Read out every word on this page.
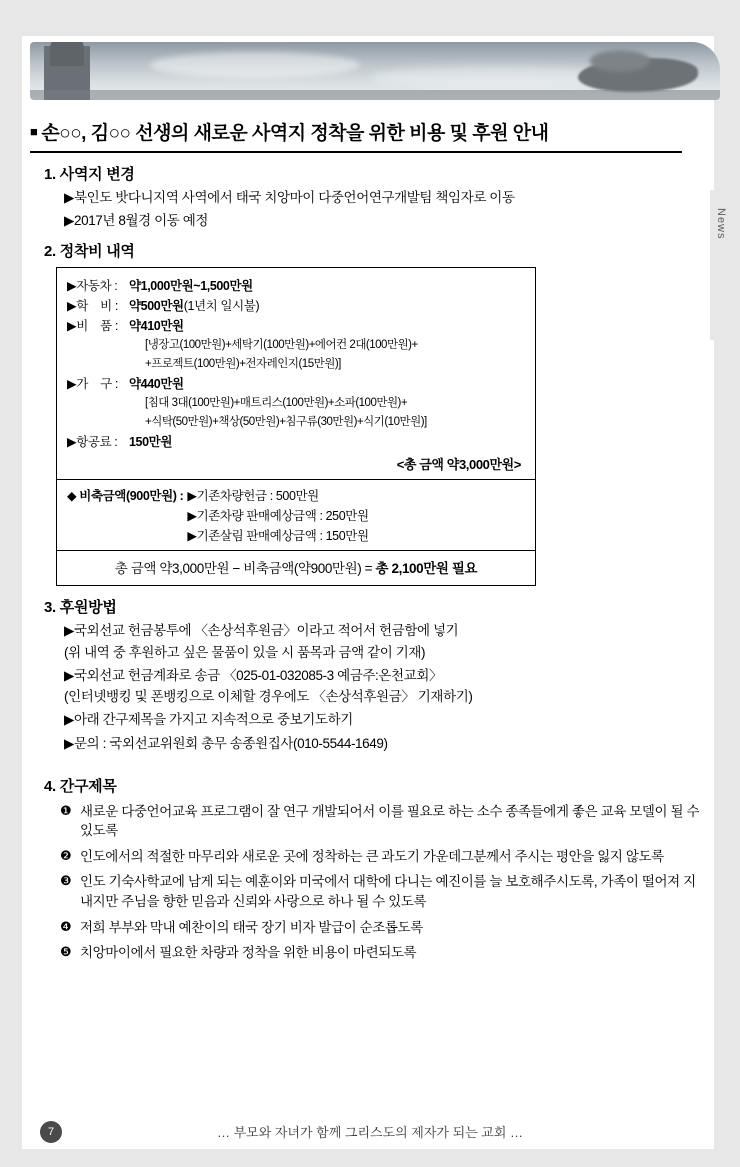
News
■ 손○○, 김○○ 선생의 새로운 사역지 정착을 위한 비용 및 후원 안내
1. 사역지 변경
▶북인도 밧다니지역 사역에서 태국 치앙마이 다중언어연구개발팀 책임자로 이동
▶2017년 8월경 이동 예정
2. 정착비 내역
▶자동차 : 약1,000만원~1,500만원
▶학    비 : 약500만원 (1년치 일시불)
▶비    품 : 약410만원
[냉장고(100만원)+세탁기(100만원)+에어컨 2대(100만원)+
+프로젝트(100만원)+전자레인지(15만원)]
▶가    구 : 약440만원
[침대 3대(100만원)+매트리스(100만원)+소파(100만원)+
+식탁(50만원)+책상(50만원)+침구류(30만원)+식기(10만원)]
▶항공료 : 150만원
<총 금액 약3,000만원>
◆ 비축금액(900만원) : ▶기존차량헌금 : 500만원
▶기존차량 판매예상금액 : 250만원
▶기존살림 판매예상금액 : 150만원
총 금액 약3,000만원 − 비축금액(약900만원) = 총 2,100만원 필요
3. 후원방법
▶국외선교 헌금봉투에 〈손상석후원금〉이라고 적어서 헌금함에 넣기
(위 내역 중 후원하고 싶은 물품이 있을 시 품목과 금액 같이 기재)
▶국외선교 헌금계좌로 송금 〈025-01-032085-3 예금주:온천교회〉
(인터넷뱅킹 및 폰뱅킹으로 이체할 경우에도 〈손상석후원금〉 기재하기)
▶아래 간구제목을 가지고 지속적으로 중보기도하기
▶문의 : 국외선교위원회 총무 송종원집사(010-5544-1649)
4. 간구제목
❶ 새로운 다중언어교육 프로그램이 잘 연구 개발되어서 이를 필요로 하는 소수 종족들에게 좋은 교육 모델이 될 수 있도록
❷ 인도에서의 적절한 마무리와 새로운 곳에 정착하는 큰 과도기 가운데그분께서 주시는 평안을 잃지 않도록
❸ 인도 기숙사학교에 남게 되는 예훈이와 미국에서 대학에 다니는 예진이를 늘 보호해주시도록, 가족이 떨어져 지내지만 주님을 향한 믿음과 신뢰와 사랑으로 하나 될 수 있도록
❹ 저희 부부와 막내 예찬이의 태국 장기 비자 발급이 순조롭도록
❺ 치앙마이에서 필요한 차량과 정착을 위한 비용이 마련되도록
7	… 부모와 자녀가 함께 그리스도의 제자가 되는 교회 …
